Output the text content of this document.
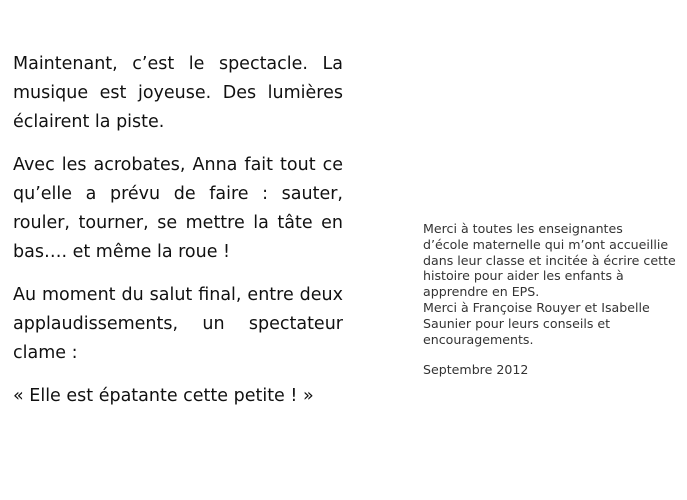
Maintenant, c’est le spectacle. La musique est joyeuse. Des lumières éclairent la piste.

Avec les acrobates, Anna fait tout ce qu’elle a prévu de faire : sauter, rouler, tourner, se mettre la tâte en bas…. et même la roue !

Au moment du salut final, entre deux applaudissements, un spectateur clame :

« Elle est épatante cette petite ! »

Merci à toutes les enseignantes
d’école maternelle qui m’ont accueillie
dans leur classe et incitée à écrire cette
histoire pour aider les enfants à
apprendre en EPS.
Merci à Françoise Rouyer et Isabelle
Saunier pour leurs conseils et
encouragements.
Septembre 2012
